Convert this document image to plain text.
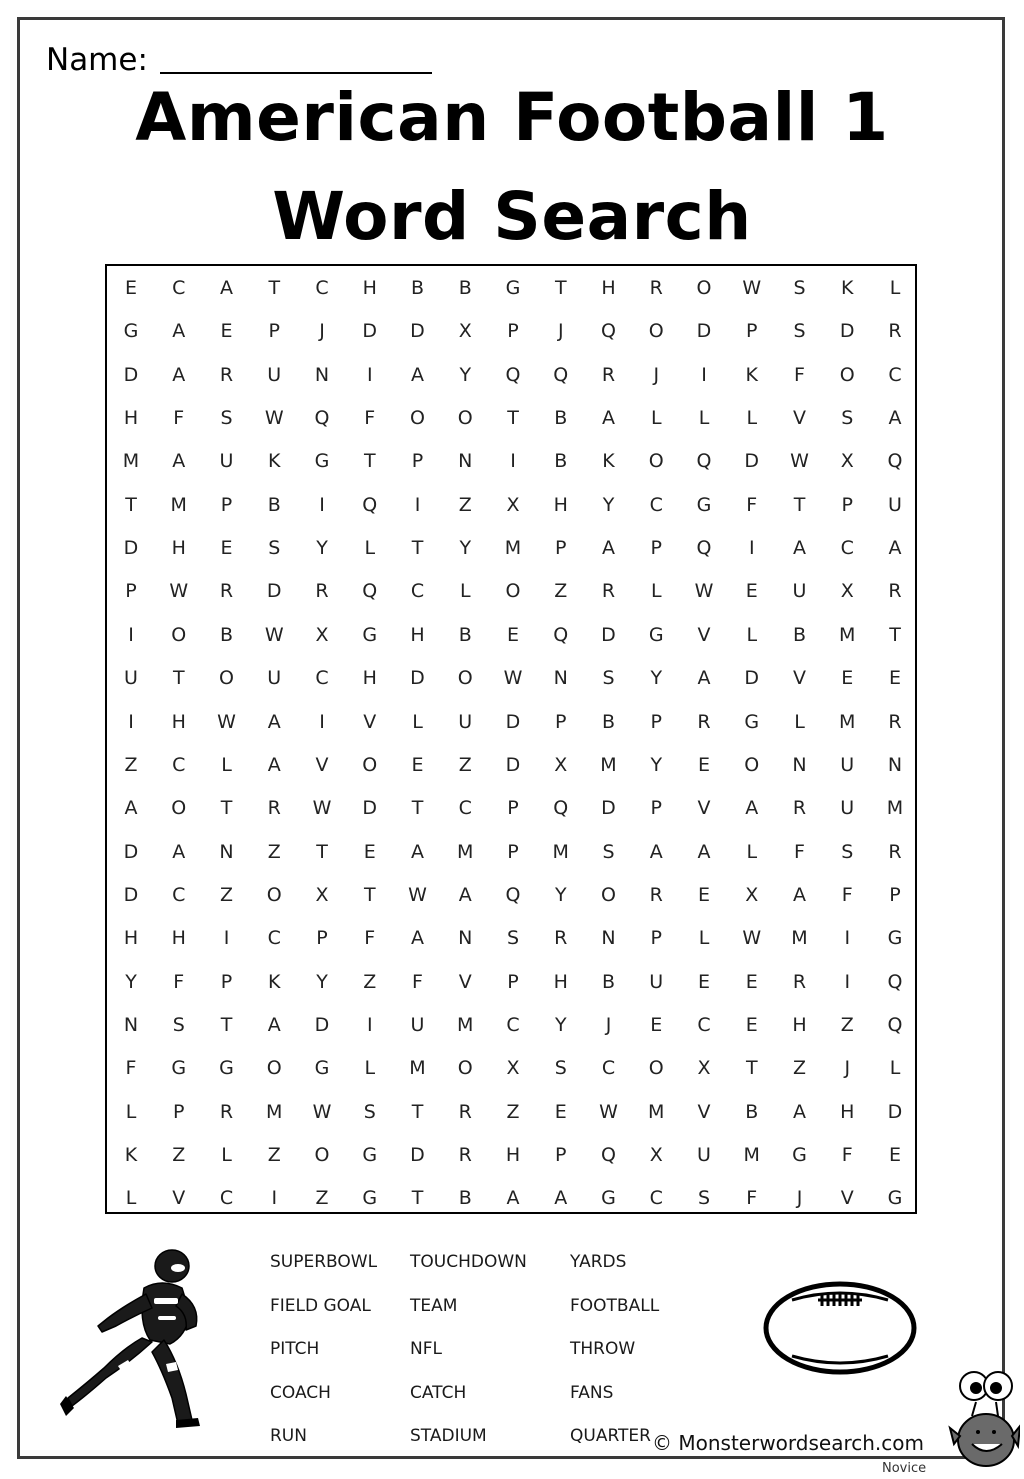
Name:
American Football 1
Word Search
E	C	A	T	C	H	B	B	G	T	H	R	O	W	S	K	L
G	A	E	P	J	D	D	X	P	J	Q	O	D	P	S	D	R
D	A	R	U	N	I	A	Y	Q	Q	R	J	I	K	F	O	C
H	F	S	W	Q	F	O	O	T	B	A	L	L	L	V	S	A
M	A	U	K	G	T	P	N	I	B	K	O	Q	D	W	X	Q
T	M	P	B	I	Q	I	Z	X	H	Y	C	G	F	T	P	U
D	H	E	S	Y	L	T	Y	M	P	A	P	Q	I	A	C	A
P	W	R	D	R	Q	C	L	O	Z	R	L	W	E	U	X	R
I	O	B	W	X	G	H	B	E	Q	D	G	V	L	B	M	T
U	T	O	U	C	H	D	O	W	N	S	Y	A	D	V	E	E
I	H	W	A	I	V	L	U	D	P	B	P	R	G	L	M	R
Z	C	L	A	V	O	E	Z	D	X	M	Y	E	O	N	U	N
A	O	T	R	W	D	T	C	P	Q	D	P	V	A	R	U	M
D	A	N	Z	T	E	A	M	P	M	S	A	A	L	F	S	R
D	C	Z	O	X	T	W	A	Q	Y	O	R	E	X	A	F	P
H	H	I	C	P	F	A	N	S	R	N	P	L	W	M	I	G
Y	F	P	K	Y	Z	F	V	P	H	B	U	E	E	R	I	Q
N	S	T	A	D	I	U	M	C	Y	J	E	C	E	H	Z	Q
F	G	G	O	G	L	M	O	X	S	C	O	X	T	Z	J	L
L	P	R	M	W	S	T	R	Z	E	W	M	V	B	A	H	D
K	Z	L	Z	O	G	D	R	H	P	Q	X	U	M	G	F	E
L	V	C	I	Z	G	T	B	A	A	G	C	S	F	J	V	G
SUPERBOWL
FIELD GOAL
PITCH
COACH
RUN
TOUCHDOWN
TEAM
NFL
CATCH
STADIUM
YARDS
FOOTBALL
THROW
FANS
QUARTER © Monsterwordsearch.com
Novice
